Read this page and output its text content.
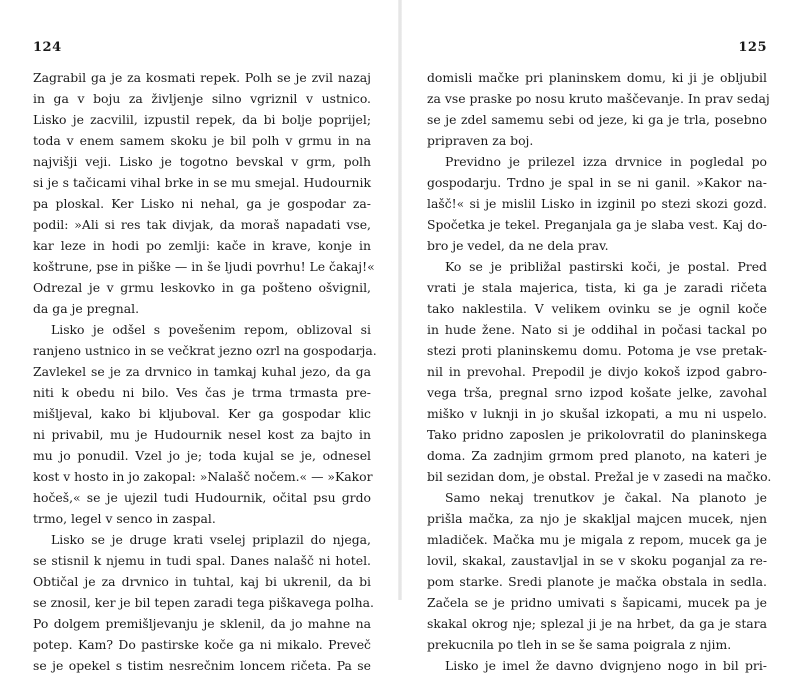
124
Zagrabil ga je za kosmati repek. Polh se je zvil nazaj
in ga v boju za življenje silno vgriznil v ustnico.
Lisko je zacvilil, izpustil repek, da bi bolje poprijel;
toda v enem samem skoku je bil polh v grmu in na
najvišji veji. Lisko je togotno bevskal v grm, polh
si je s tačicami vihal brke in se mu smejal. Hudournik
pa ploskal. Ker Lisko ni nehal, ga je gospodar za-
podil: »Ali si res tak divjak, da moraš napadati vse,
kar leze in hodi po zemlji: kače in krave, konje in
koštrune, pse in piške — in še ljudi povrhu! Le čakaj!«
Odrezal je v grmu leskovko in ga pošteno ošvignil,
da ga je pregnal.
Lisko je odšel s povešenim repom, oblizoval si
ranjeno ustnico in se večkrat jezno ozrl na gospodarja.
Zavlekel se je za drvnico in tamkaj kuhal jezo, da ga
niti k obedu ni bilo. Ves čas je trma trmasta pre-
mišljeval, kako bi kljuboval. Ker ga gospodar klic
ni privabil, mu je Hudournik nesel kost za bajto in
mu jo ponudil. Vzel jo je; toda kujal se je, odnesel
kost v hosto in jo zakopal: »Nalašč nočem.« — »Kakor
hočeš,« se je ujezil tudi Hudournik, očital psu grdo
trmo, legel v senco in zaspal.
Lisko se je druge krati vselej priplazil do njega,
se stisnil k njemu in tudi spal. Danes nalašč ni hotel.
Obtičal je za drvnico in tuhtal, kaj bi ukrenil, da bi
se znosil, ker je bil tepen zaradi tega piškavega polha.
Po dolgem premišljevanju je sklenil, da jo mahne na
potep. Kam? Do pastirske koče ga ni mikalo. Preveč
se je opekel s tistim nesrečnim loncem ričeta. Pa se
125
domisli mačke pri planinskem domu, ki ji je obljubil
za vse praske po nosu kruto maščevanje. In prav sedaj
se je zdel samemu sebi od jeze, ki ga je trla, posebno
pripraven za boj.
Previdno je prilezel izza drvnice in pogledal po
gospodarju. Trdno je spal in se ni ganil. »Kakor na-
lašč!« si je mislil Lisko in izginil po stezi skozi gozd.
Spočetka je tekel. Preganjala ga je slaba vest. Kaj do-
bro je vedel, da ne dela prav.
Ko se je približal pastirski koči, je postal. Pred
vrati je stala majerica, tista, ki ga je zaradi ričeta
tako naklestila. V velikem ovinku se je ognil koče
in hude žene. Nato si je oddihal in počasi tackal po
stezi proti planinskemu domu. Potoma je vse pretak-
nil in prevohal. Prepodil je divjo kokoš izpod gabro-
vega trša, pregnal srno izpod košate jelke, zavohal
miško v luknji in jo skušal izkopati, a mu ni uspelo.
Tako pridno zaposlen je prikolovratil do planinskega
doma. Za zadnjim grmom pred planoto, na kateri je
bil sezidan dom, je obstal. Prežal je v zasedi na mačko.
Samo nekaj trenutkov je čakal. Na planoto je
prišla mačka, za njo je skakljal majcen mucek, njen
mladiček. Mačka mu je migala z repom, mucek ga je
lovil, skakal, zaustavljal in se v skoku poganjal za re-
pom starke. Sredi planote je mačka obstala in sedla.
Začela se je pridno umivati s šapicami, mucek pa je
skakal okrog nje; splezal ji je na hrbet, da ga je stara
prekucnila po tleh in se še sama poigrala z njim.
Lisko je imel že davno dvignjeno nogo in bil pri-
